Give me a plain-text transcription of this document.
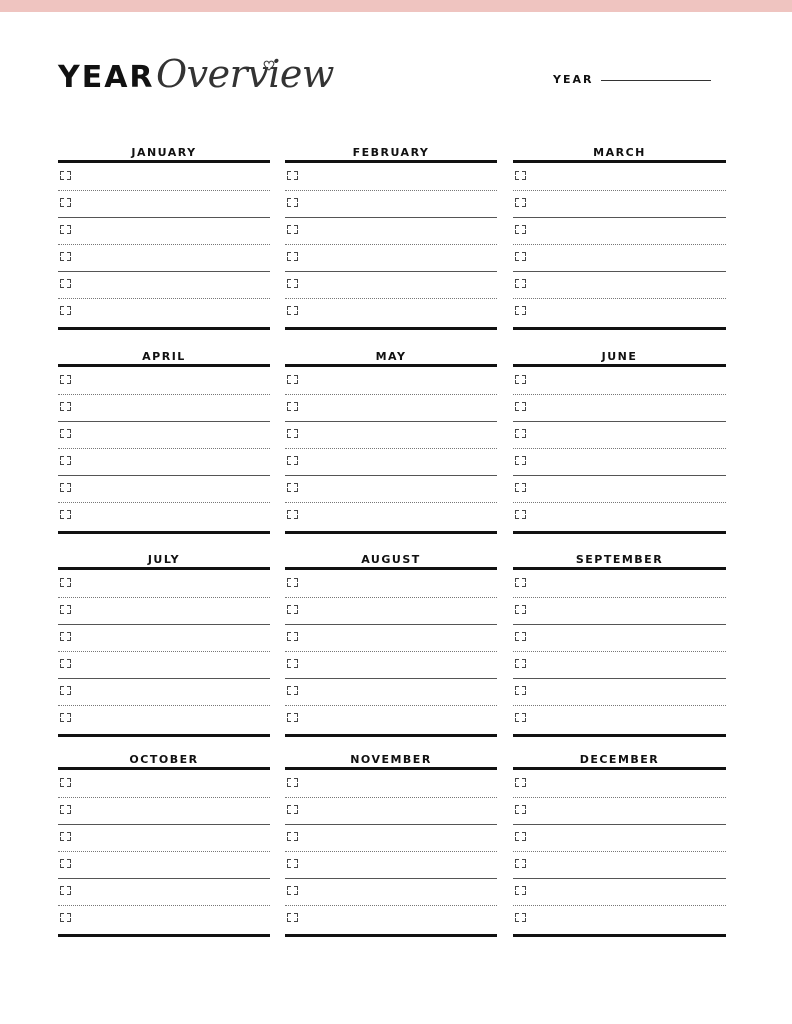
YEAR Overview	YEAR
JANUARY	FEBRUARY	MARCH
APRIL	MAY	JUNE
JULY	AUGUST	SEPTEMBER
OCTOBER	NOVEMBER	DECEMBER
